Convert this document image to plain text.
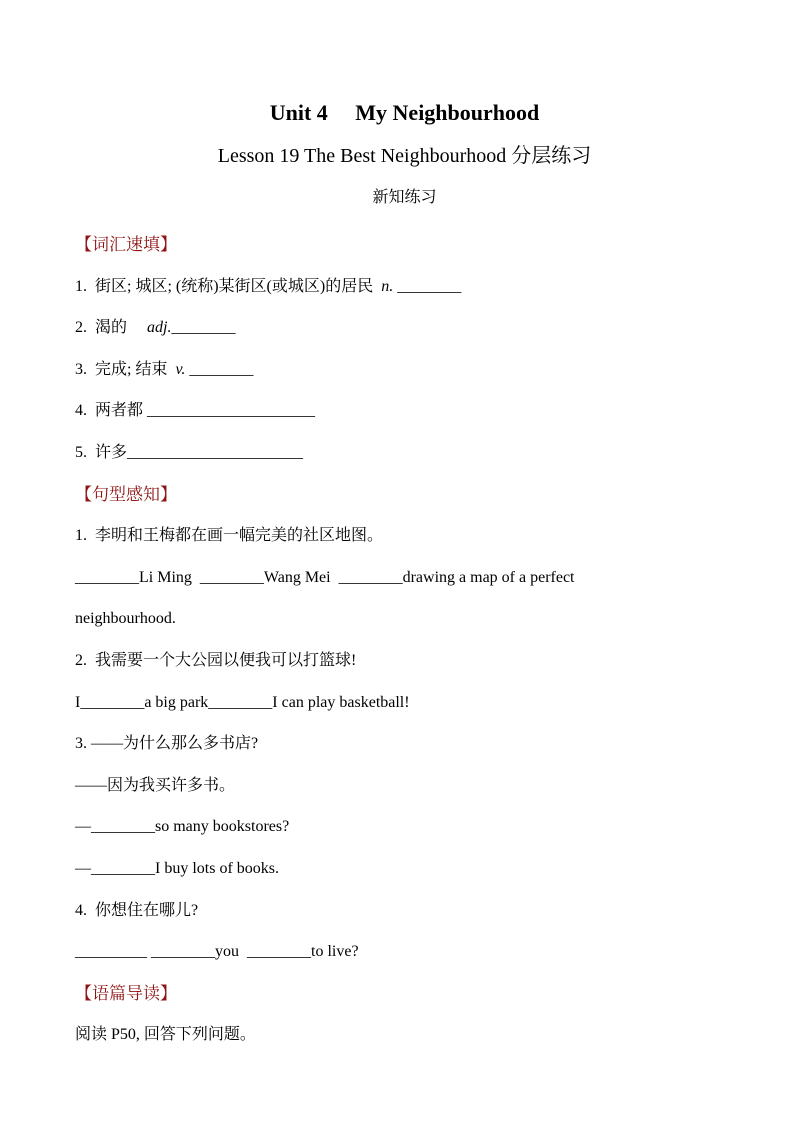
Unit 4     My Neighbourhood
Lesson 19 The Best Neighbourhood 分层练习
新知练习
【词汇速填】
1.  街区; 城区; (统称)某街区(或城区)的居民  n. ________
2.  渴的     adj.________
3.  完成; 结束  v. ________
4.  两者都 _____________________
5.  许多______________________
【句型感知】
1.  李明和王梅都在画一幅完美的社区地图。
________Li Ming  ________Wang Mei  ________drawing a map of a perfect
neighbourhood.
2.  我需要一个大公园以便我可以打篮球!
I________a big park________I can play basketball!
3. ——为什么那么多书店?
——因为我买许多书。
—________so many bookstores?
—________I buy lots of books.
4.  你想住在哪儿?
_________ ________you  ________to live?
【语篇导读】
阅读 P50, 回答下列问题。
